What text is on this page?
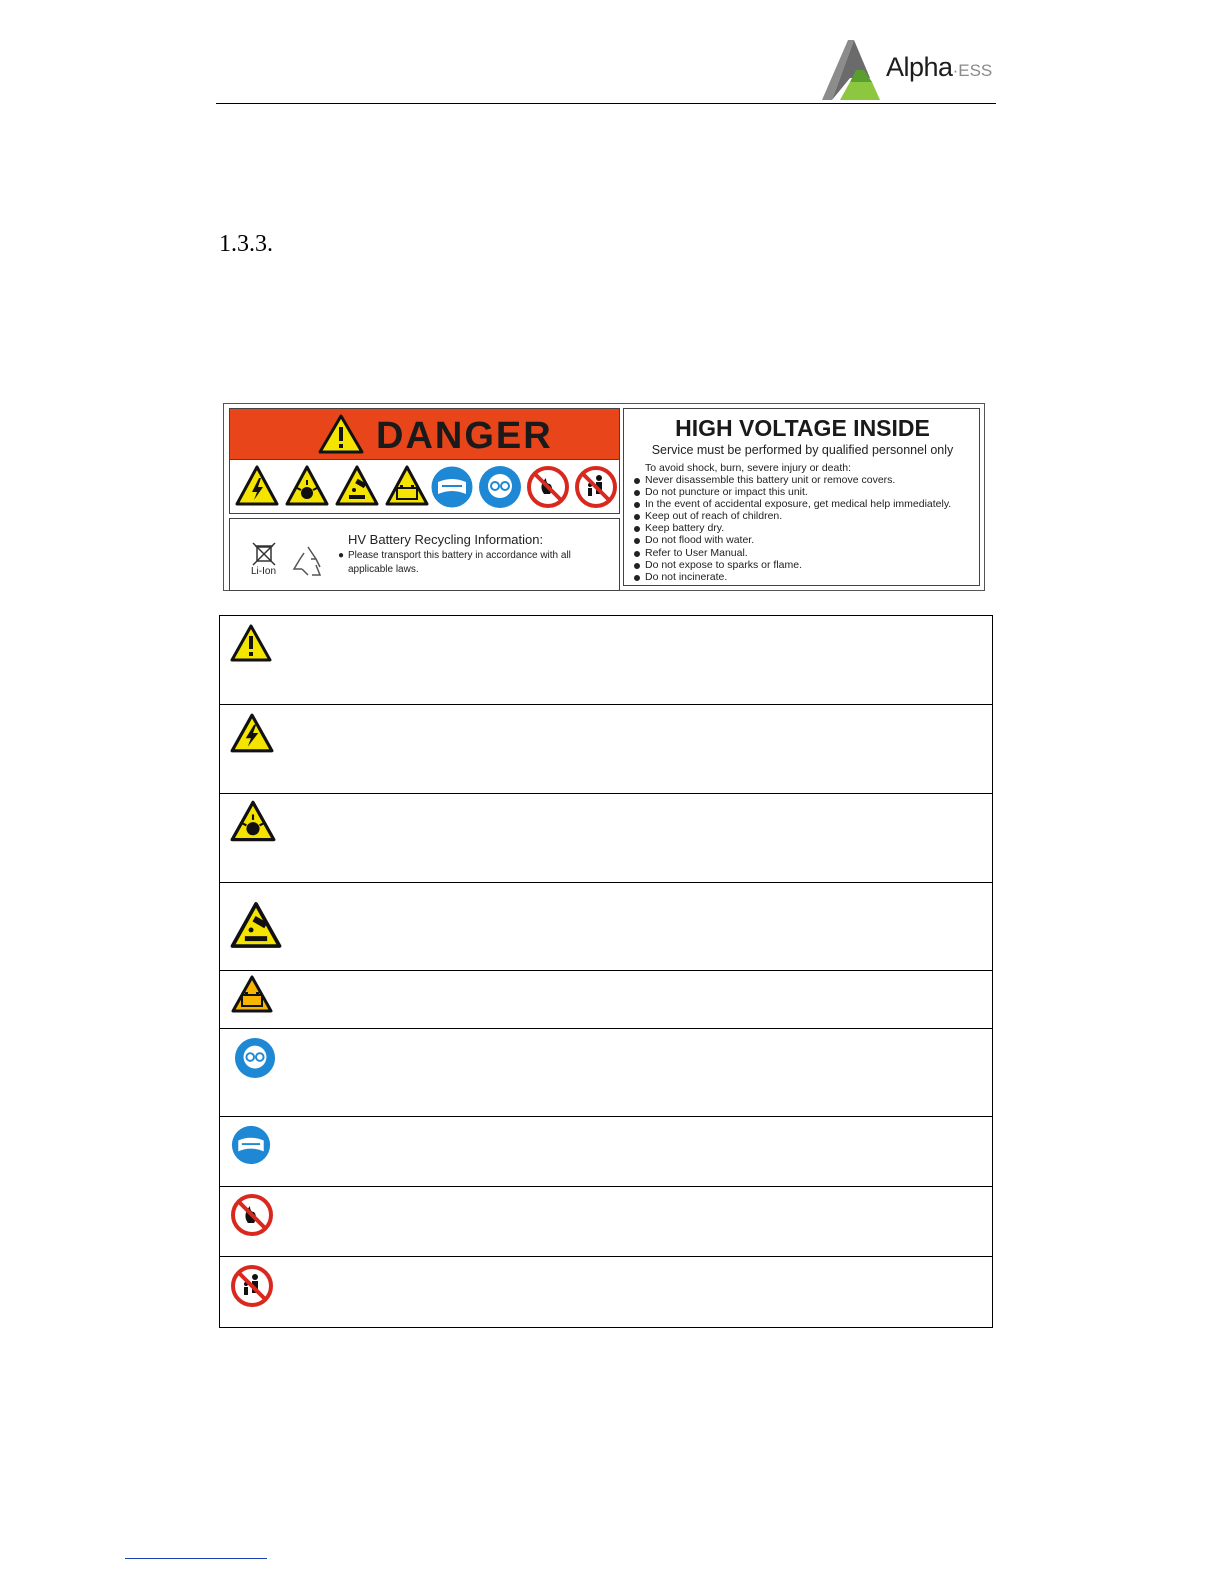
Alpha·ESS
1.3.3.
DANGER
Li-Ion
HV Battery Recycling Information:
● Please transport this battery in accordance with all applicable laws.
HIGH VOLTAGE INSIDE
Service must be performed by qualified personnel only
To avoid shock, burn, severe injury or death:
Never disassemble this battery unit or remove covers.
Do not puncture or impact this unit.
In the event of accidental exposure, get medical help immediately.
Keep out of reach of children.
Keep battery dry.
Do not flood with water.
Refer to User Manual.
Do not expose to sparks or flame.
Do not incinerate.
